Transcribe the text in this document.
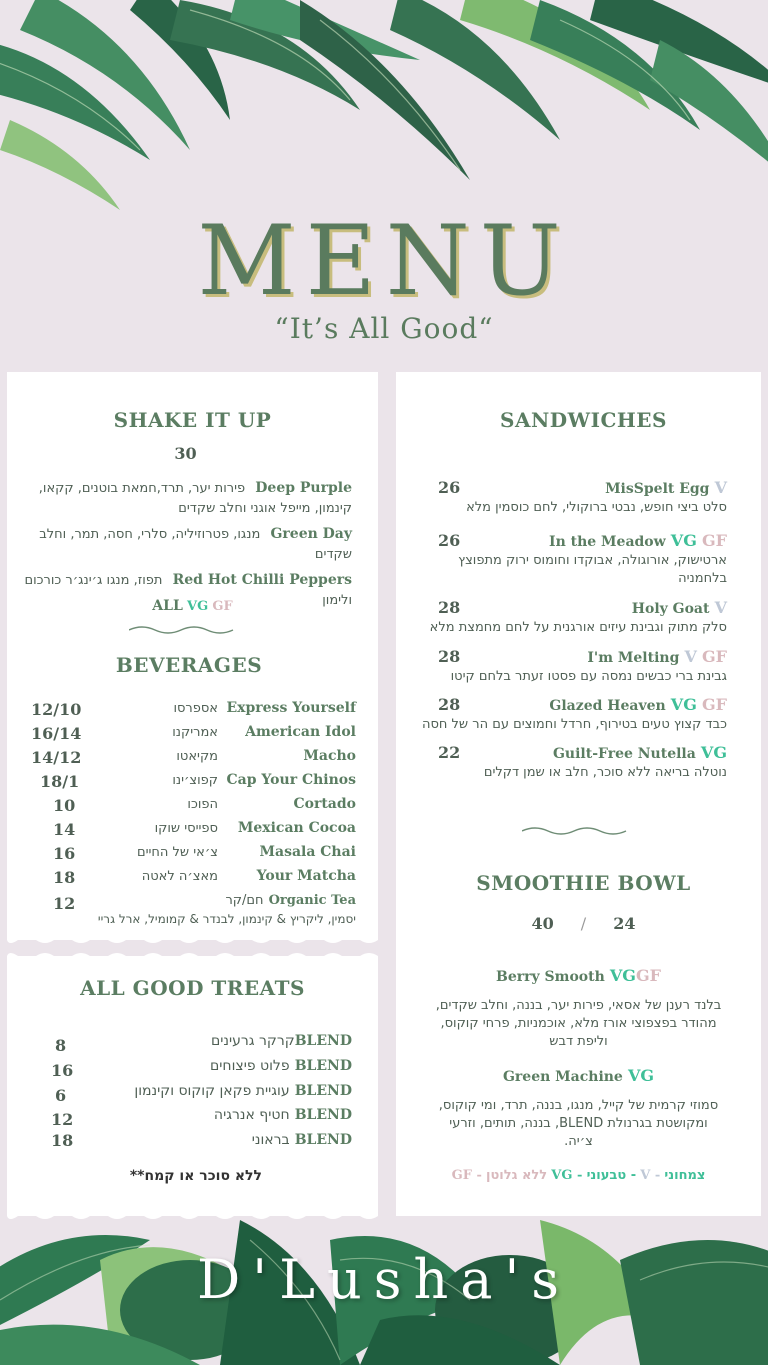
MENU
“It’s All Good“
SHAKE IT UP
30
Deep Purple  פירות יער, תרד,חמאת בוטנים, קקאו,
קינמון, מייפל אוגני וחלב שקדים
Green Day  מנגו, פטרוזיליה, סלרי, חסה, תמר, וחלב
שקדים
Red Hot Chilli Peppers  תפוז, מנגו ג׳ינג׳ר כורכום
ולימון
ALL VG GF
BEVERAGES
12/10	אספרסו Express Yourself
16/14	אמריקנו American Idol
14/12	מקיאטו	Macho
18/1	קפוצ׳ינו Cap Your Chinos
10	הפוכו	Cortado
14	ספייסי שוקו Mexican Cocoa
16	צ׳אי של החיים	Masala Chai
18	מאצ׳ה לאטה	Your Matcha
12	Organic Tea חם/קר
יסמין, ליקריץ & קינמון, לבנדר & קמומיל, ארל גריי
ALL GOOD TREATS
8	BLENDקרקר גרעינים
16	BLEND פלוט פיצוחים
6	BLEND עוגיית פקאן קוקוס וקינמון
12	BLEND חטיף אנרגיה
18	BLEND בראוני
ללא סוכר או קמח**
SANDWICHES
26	MisSpelt Egg V
סלט ביצי חופש, נבטי ברוקולי, לחם כוסמין מלא
26	In the Meadow VG GF
ארטישוק, אורוגולה, אבוקדו וחומוס ירוק מתפוצץ
בלחמניה
28	Holy Goat V
סלק מתוק וגבינת עיזים אורגנית על לחם מחמצת מלא
28	I'm Melting V GF
גבינת ברי כבשים נמסה עם פסטו זעתר בלחם קיטו
28	Glazed Heaven VG GF
כבד קצוץ טעים בטירוף, חרדל וחמוצים עם הר של חסה
22	Guilt-Free Nutella VG
נוטלה בריאה ללא סוכר, חלב או שמן דקלים
SMOOTHIE BOWL
40 / 24
Berry Smooth VGGF
בלנד רענן של אסאי, פירות יער, בננה, וחלב שקדים,
מהודר בפצפוצי אורז מלא, אוכמניות, פרחי קוקוס,
וליפת דבש
Green Machine VG
סמוזי קרמית של קייל, מנגו, בננה, תרד, ומי קוקוס,
ומקושטת בגרנולת BLEND, בננה, תותים, וזרעי
צ׳יה.
צמחוני - V - טבעוני - VG ללא גלוטן - GF
D'Lusha's
